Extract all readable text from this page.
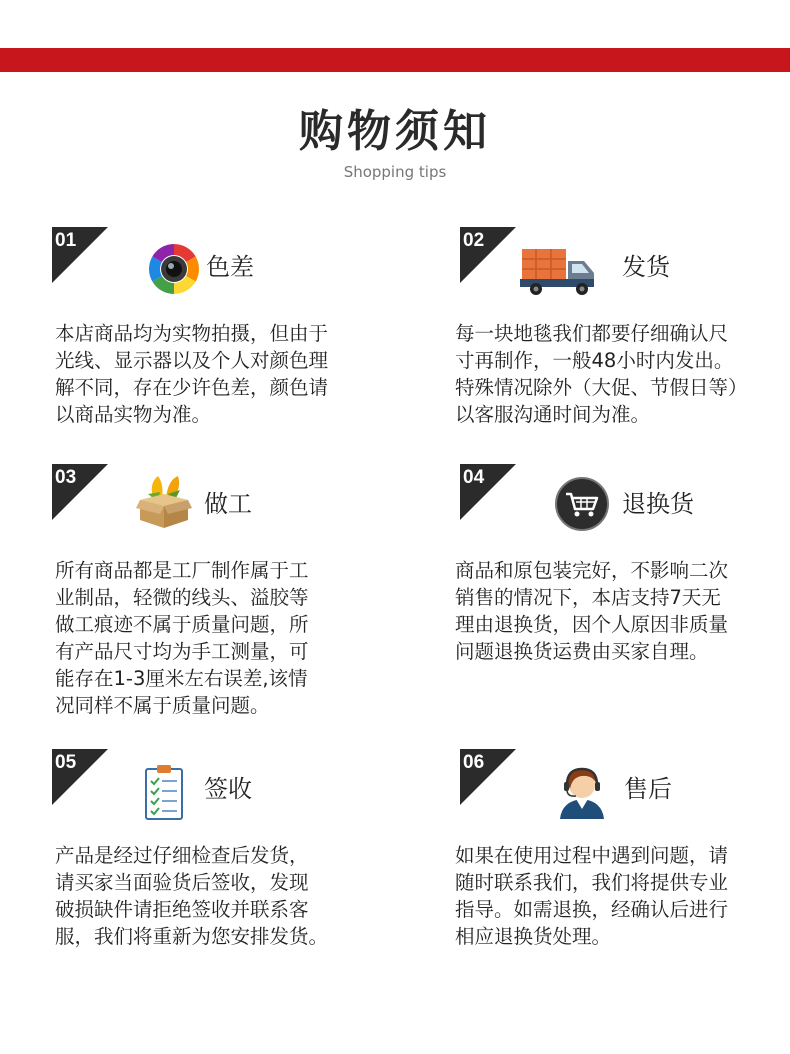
购物须知
Shopping tips
01
色差
本店商品均为实物拍摄，但由于
光线、显示器以及个人对颜色理
解不同，存在少许色差，颜色请
以商品实物为准。
02
发货
每一块地毯我们都要仔细确认尺
寸再制作，一般48小时内发出。
特殊情况除外（大促、节假日等）
以客服沟通时间为准。
03
做工
所有商品都是工厂制作属于工
业制品，轻微的线头、溢胶等
做工痕迹不属于质量问题，所
有产品尺寸均为手工测量，可
能存在1-3厘米左右误差,该情
况同样不属于质量问题。
04
退换货
商品和原包装完好，不影响二次
销售的情况下，本店支持7天无
理由退换货，因个人原因非质量
问题退换货运费由买家自理。
05
签收
产品是经过仔细检查后发货，
请买家当面验货后签收，发现
破损缺件请拒绝签收并联系客
服，我们将重新为您安排发货。
06
售后
如果在使用过程中遇到问题，请
随时联系我们，我们将提供专业
指导。如需退换，经确认后进行
相应退换货处理。
